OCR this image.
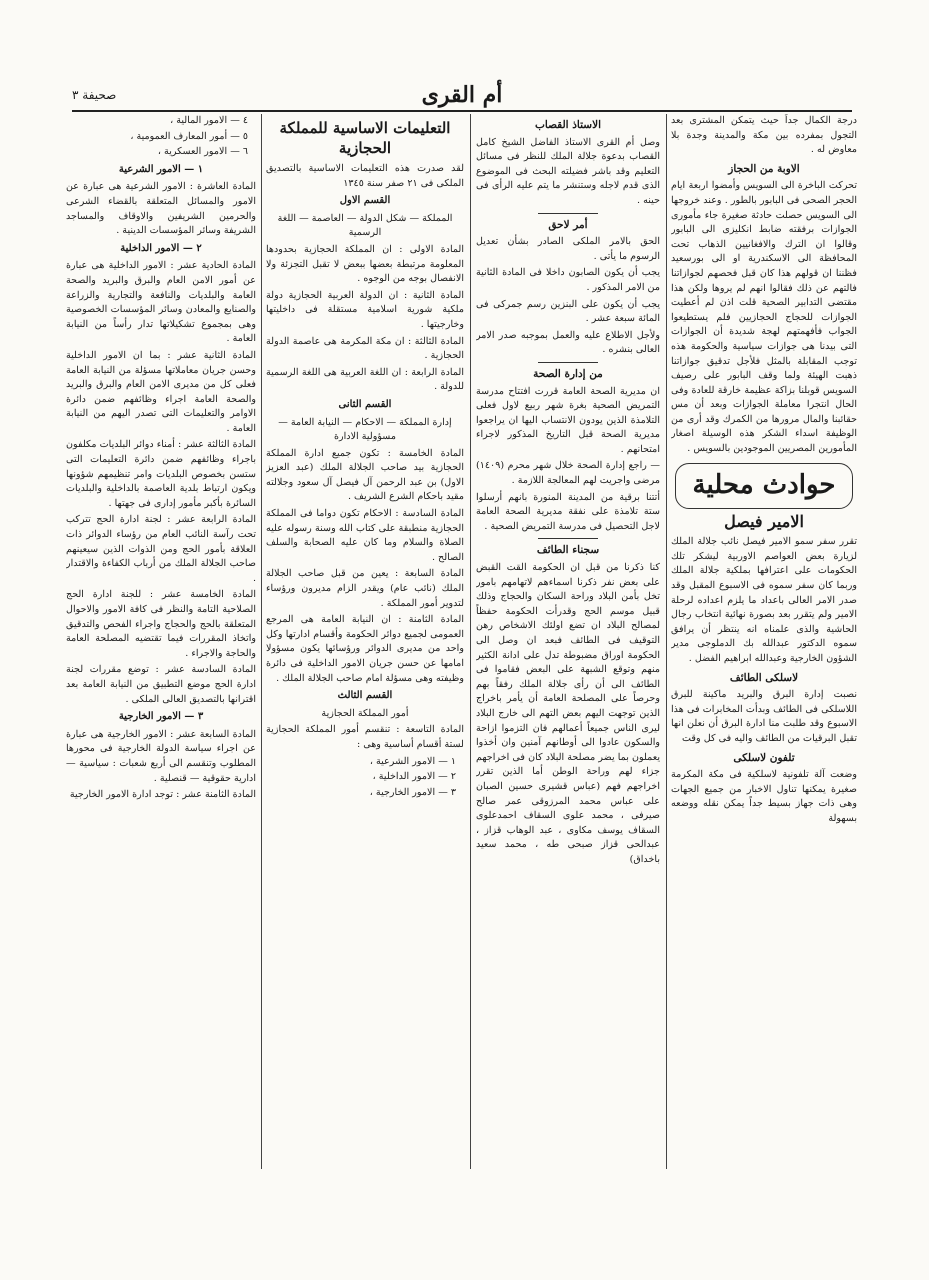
أم القرى
صحيفة ٣

درجة الكمال جداً حيث يتمكن المشترى بعد التجول بمفرده بين مكة والمدينة وجدة بلا معاوض له .

الاوبة من الحجاز

تحركت الباخرة الى السويس وأمضوا اربعة ايام الحجر الصحى فى البابور بالطور . وعند خروجها الى السويس حصلت حادثة صغيرة جاء مأمورى الجوازات برفقته ضابط انكليزى الى البابور وقالوا ان الترك والافغانيين الذهاب تحت المحافظة الى الاسكندرية او الى بورسعيد فظننا ان قولهم هذا كان قبل فحصهم لجوازاتنا فالتهم عن ذلك فقالوا انهم لم يروها ولكن هذا مقتضى التدابير الصحية قلت اذن لم أعطيت الجوازات للحجاج الحجازيين فلم يستطيعوا الجواب فأفهمتهم لهجة شديدة أن الجوازات التى بيدنا هى جوازات سياسية والحكومة هذه توجب المقابلة بالمثل فلأجل تدقيق جوازاتنا ذهبت الهيئة ولما وقف البابور على رصيف السويس قوبلنا بزاكة عظيمة خارقة للعادة وفى الحال انتجرا معاملة الجوازات وبعد أن مس حقائبنا والمال مرورها من الكمرك وقد أرى من الوظيفة اسداء الشكر هذه الوسيلة اصغار المأمورين المصريين الموجودين بالسويس .

حوادث محلية
الامير فيصل

تقرر سفر سمو الامير فيصل نائب جلالة الملك لزيارة بعض العواصم الاوربية ليشكر تلك الحكومات على اعترافها بملكية جلالة الملك وربما كان سفر سموه فى الاسبوع المقبل وقد صدر الامر العالى باعداد ما يلزم اعداده لرحلة الامير ولم يتقرر بعد بصورة نهائية انتخاب رجال الحاشية والذى علمناه انه ينتظر أن يرافق سموه الدكتور عبدالله بك الدملوجى مدير الشؤون الخارجية وعبدالله ابراهيم الفضل .

لاسلكى الطائف

نصبت إدارة البرق والبريد ماكينة للبرق اللاسلكى فى الطائف وبدأت المخابرات فى هذا الاسبوع وقد طلبت منا ادارة البرق أن نعلن انها تقبل البرقيات من الطائف واليه فى كل وقت

تلفون لاسلكى

وضعت آلة تلفونية لاسلكية فى مكة المكرمة صغيرة يمكنها تناول الاخبار من جميع الجهات وهى ذات جهاز بسيط جداً يمكن نقله ووضعه بسهولة

الاستاذ القصاب

وصل أم القرى الاستاذ الفاضل الشيخ كامل القصاب بدعوة جلالة الملك للنظر فى مسائل التعليم وقد باشر فضيلته البحث فى الموضوع الذى قدم لاجله وستنشر ما يتم عليه الرأى فى حينه .

أمر لاحق

الحق بالامر الملكى الصادر بشأن تعديل الرسوم ما يأتى .

يجب أن يكون الصابون داخلا فى المادة الثانية من الامر المذكور .

يجب أن يكون على البنزين رسم جمركى فى المائة سبعة عشر .

ولأجل الاطلاع عليه والعمل بموجبه صدر الامر العالى بنشره .

من إدارة الصحة

ان مديرية الصحة العامة قررت افتتاح مدرسة التمريض الصحية بغرة شهر ربيع لاول فعلى التلامذة الذين يودون الانتساب اليها ان يراجعوا مديرية الصحة قبل التاريخ المذكور لاجراء امتحانهم .

— راجع إدارة الصحة خلال شهر محرم (١٤٠٩) مرضى واجريت لهم المعالجة اللازمة .

أتتنا برقية من المدينة المنورة بانهم أرسلوا ستة تلامذة على نفقة مديرية الصحة العامة لاجل التحصيل فى مدرسة التمريض الصحية .

سجناء الطائف

كنا ذكرنا من قبل ان الحكومة القت القبض على بعض نفر ذكرنا اسماءهم لاتهامهم بامور تخل بأمن البلاد وراحة السكان والحجاج وذلك قبيل موسم الحج وقدرأت الحكومة حفظاً لمصالح البلاد ان تضع اولئك الاشخاص رهن التوقيف فى الطائف فبعد ان وصل الى الحكومة اوراق مضبوطة تدل على ادانة الكثير منهم وتوقع الشبهة على البعض فقاموا فى الطائف الى أن رأى جلالة الملك رفقاً بهم وحرصاً على المصلحة العامة أن يأمر باخراج الذين توجهت اليهم بعض التهم الى خارج البلاد ليرى الناس جميعاً أعمالهم فان التزموا ازاحة والسكون عادوا الى أوطانهم آمنين وان أخذوا يعملون بما يضر مصلحة البلاد كان فى اخراجهم جزاء لهم وراحة الوطن أما الذين تقرر اخراجهم فهم (عباس قشيرى حسين الصبان على عباس محمد المرزوقى عمر صالح صيرفى ، محمد علوى السقاف احمدعلوى السقاف يوسف مكاوى ، عبد الوهاب قزاز ، عبدالحى قزاز صبحى طه ، محمد سعيد باخداق)

التعليمات الاساسية للمملكة الحجازية

لقد صدرت هذه التعليمات الاساسية بالتصديق الملكى فى ٢١ صفر سنة ١٣٤٥

القسم الاول

المملكة — شكل الدولة — العاصمة — اللغة الرسمية

المادة الاولى : ان المملكة الحجازية بحدودها المعلومة مرتبطة بعضها ببعض لا تقبل التجزئة ولا الانفصال بوجه من الوجوه .

المادة الثانية : ان الدولة العربية الحجازية دولة ملكية شورية اسلامية مستقلة فى داخليتها وخارجيتها .

المادة الثالثة : ان مكة المكرمة هى عاصمة الدولة الحجازية .

المادة الرابعة : ان اللغة العربية هى اللغة الرسمية للدولة .

القسم الثانى

إدارة المملكة — الاحكام — النيابة العامة — مسؤولية الادارة

المادة الخامسة : تكون جميع ادارة المملكة الحجازية بيد صاحب الجلالة الملك (عبد العزيز الاول) بن عبد الرحمن آل فيصل آل سعود وجلالته مقيد باحكام الشرع الشريف .

المادة السادسة : الاحكام تكون دواما فى المملكة الحجازية منطبقة على كتاب الله وسنة رسوله عليه الصلاة والسلام وما كان عليه الصحابة والسلف الصالح .

المادة السابعة : يعين من قبل صاحب الجلالة الملك (نائب عام) ويقدر الزام مديرون ورؤساء لتدوير أمور المملكة .

المادة الثامنة : ان النيابة العامة هى المرجع العمومى لجميع دوائر الحكومة وأقسام ادارتها وكل واحد من مديرى الدوائر ورؤسائها يكون مسؤولا امامها عن حسن جريان الامور الداخلية فى دائرة وظيفته وهى مسؤلة امام صاحب الجلالة الملك .

القسم الثالث

أمور المملكة الحجازية

المادة التاسعة : تنقسم أمور المملكة الحجازية لستة أقسام أساسية وهى :

١ — الامور الشرعية ،
٢ — الامور الداخلية ،
٣ — الامور الخارجية ،
٤ — الامور المالية ،
٥ — أمور المعارف العمومية ،
٦ — الامور العسكرية ،
١ — الامور الشرعية

المادة العاشرة : الامور الشرعية هى عبارة عن الامور والمسائل المتعلقة بالقضاء الشرعى والحرمين الشريفين والاوقاف والمساجد الشريفة وسائر المؤسسات الدينية .

٢ — الامور الداخلية

المادة الحادية عشر : الامور الداخلية هى عبارة عن أمور الامن العام والبرق والبريد والصحة العامة والبلديات والنافعة والتجارية والزراعة والصنايع والمعادن وسائر المؤسسات الخصوصية وهى بمجموع تشكيلاتها تدار رأساً من النيابة العامة .

المادة الثانية عشر : بما ان الامور الداخلية وحسن جريان معاملاتها مسؤلة من النيابة العامة فعلى كل من مديرى الامن العام والبرق والبريد والصحة العامة اجراء وظائفهم ضمن دائرة الاوامر والتعليمات التى تصدر اليهم من النيابة العامة .

المادة الثالثة عشر : أمناء دوائر البلديات مكلفون باجراء وظائفهم ضمن دائرة التعليمات التى ستسن بخصوص البلديات وامر تنظيمهم شؤونها ويكون ارتباط بلدية العاصمة بالداخلية والبلديات السائرة بأكبر مأمور إدارى فى جهتها .

المادة الرابعة عشر : لجنة ادارة الحج تتركب تحت رآسة النائب العام من رؤساء الدوائر ذات العلاقة بأمور الحج ومن الذوات الذين سيعينهم صاحب الجلالة الملك من أرباب الكفاءة والاقتدار .

المادة الخامسة عشر : للجنة ادارة الحج الصلاحية التامة والنظر فى كافة الامور والاحوال المتعلقة بالحج والحجاج واجراء الفحص والتدقيق واتخاذ المقررات فيما تقتضيه المصلحة العامة والحاجة والاجراء .

المادة السادسة عشر : توضع مقررات لجنة ادارة الحج موضع التطبيق من النيابة العامة بعد اقترانها بالتصديق العالى الملكى .

٣ — الامور الخارجية

المادة السابعة عشر : الامور الخارجية هى عبارة عن اجراء سياسة الدولة الخارجية فى محورها المطلوب وتنقسم الى أربع شعبات : سياسية — ادارية حقوقية — قنصلية .

المادة الثامنة عشر : توجد ادارة الامور الخارجية
